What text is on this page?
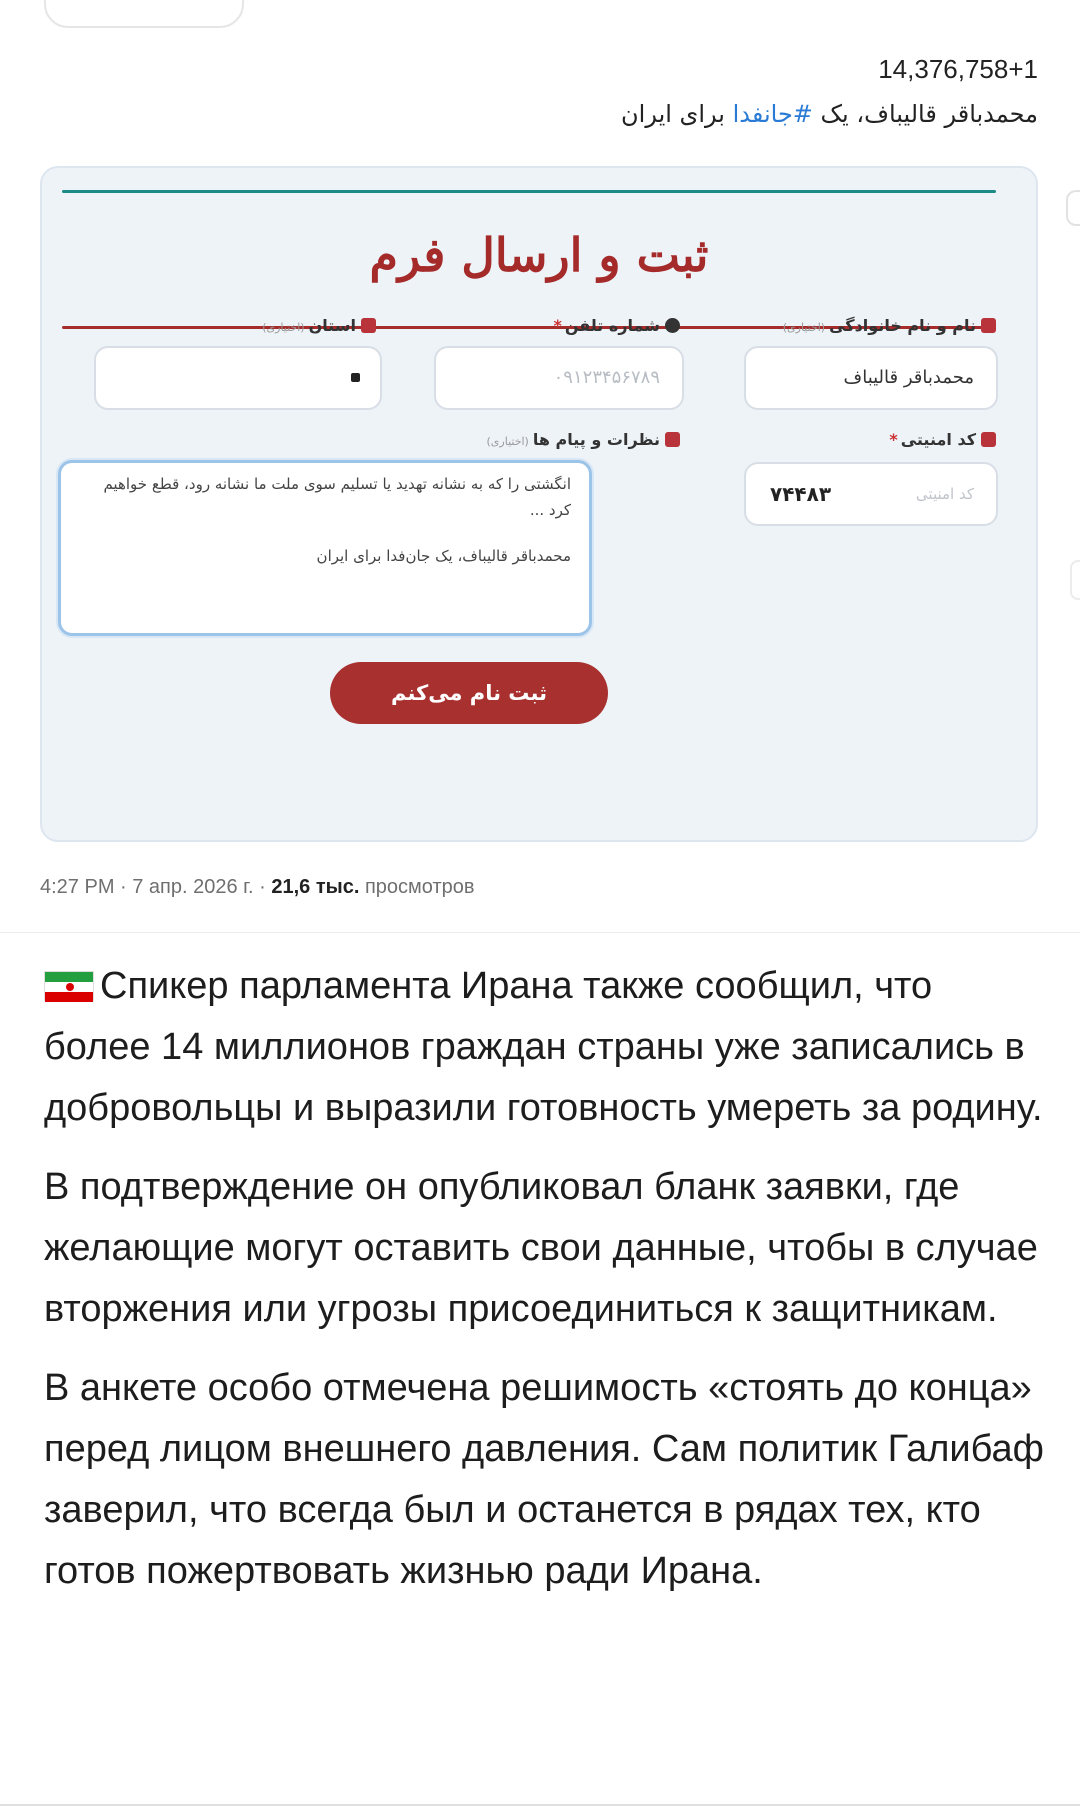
14,376,758+1
محمدباقر قالیباف، یک #جانفدا برای ایران
ثبت و ارسال فرم
نام و نام خانوادگی(اختیاری)
شماره تلفن*
استان(اختیاری)
محمدباقر قالیباف
۰۹۱۲۳۴۵۶۷۸۹
کد امنیتی*
نظرات و پیام ها(اختیاری)
کد امنیتی
۷۴۴۸۳

انگشتی را که به نشانه تهدید یا تسلیم سوی ملت ما نشانه رود، قطع خواهیم کرد ...

محمدباقر قالیباف، یک جان‌فدا برای ایران

ثبت نام می‌کنم
4:27 PM · 7 апр. 2026 г. · 21,6 тыс. просмотров

Спикер парламента Ирана также сообщил, что более 14 миллионов граждан страны уже записались в добровольцы и выразили готовность умереть за родину.

В подтверждение он опубликовал бланк заявки, где желающие могут оставить свои данные, чтобы в случае вторжения или угрозы присоединиться к защитникам.

В анкете особо отмечена решимость «стоять до конца» перед лицом внешнего давления. Сам политик Галибаф заверил, что всегда был и останется в рядах тех, кто готов пожертвовать жизнью ради Ирана.
